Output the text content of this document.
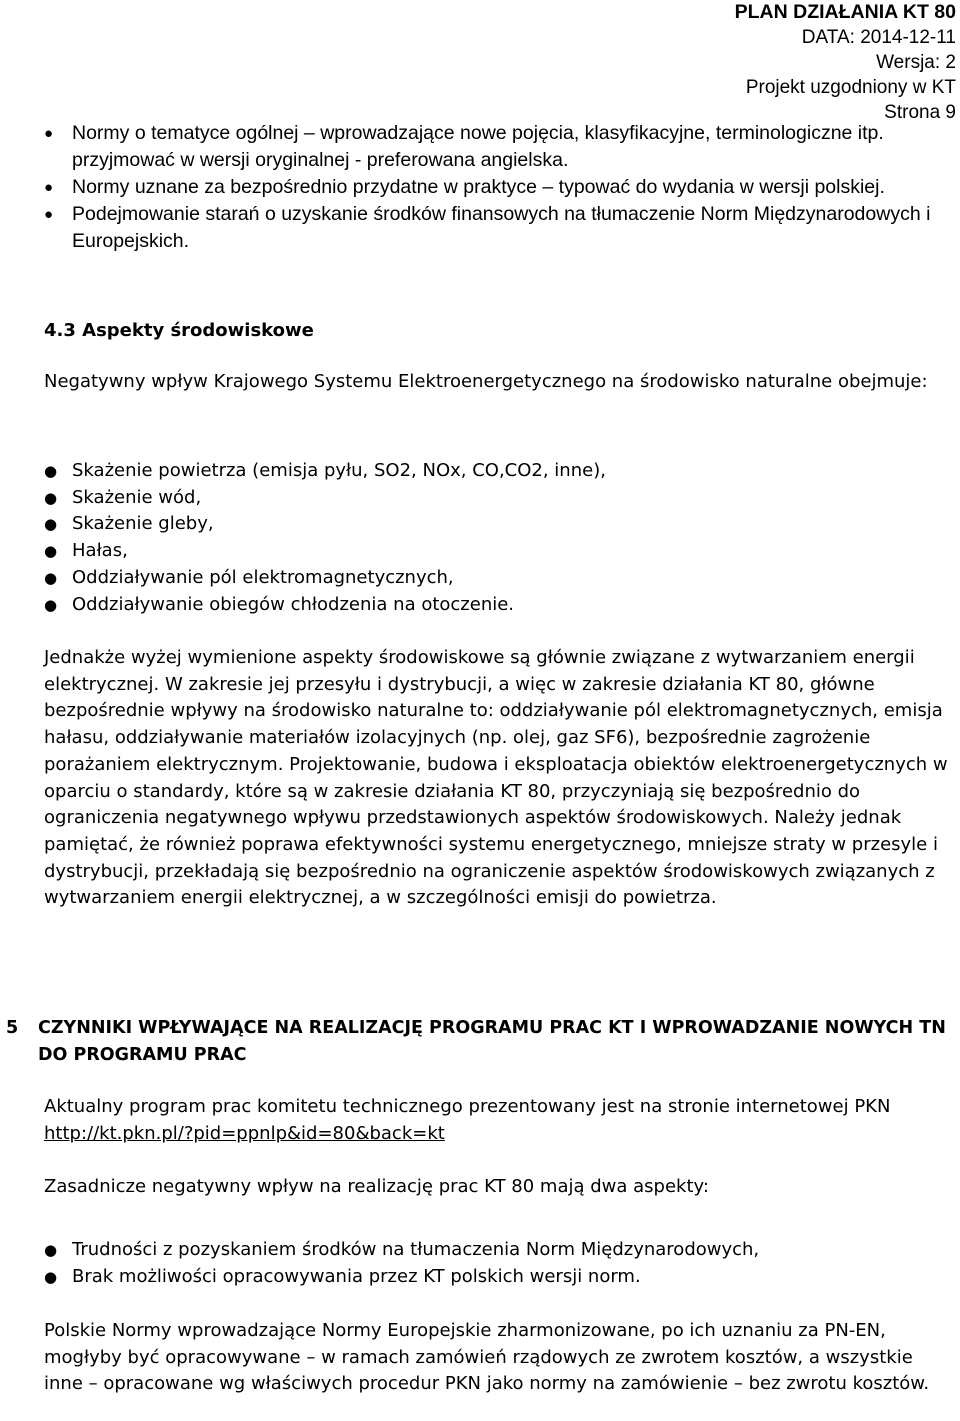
PLAN DZIAŁANIA KT 80
DATA: 2014-12-11
Wersja: 2
Projekt uzgodniony w KT
Strona 9
● Normy o tematyce ogólnej – wprowadzające nowe pojęcia, klasyfikacyjne, terminologiczne itp. przyjmować w wersji oryginalnej - preferowana angielska.
● Normy uznane za bezpośrednio przydatne w praktyce – typować do wydania w wersji polskiej.
● Podejmowanie starań o uzyskanie środków finansowych na tłumaczenie Norm Międzynarodowych i Europejskich.
4.3 Aspekty środowiskowe

Negatywny wpływ Krajowego Systemu Elektroenergetycznego na środowisko naturalne obejmuje:

● Skażenie powietrza (emisja pyłu, SO2, NOx, CO,CO2, inne),
● Skażenie wód,
● Skażenie gleby,
● Hałas,
● Oddziaływanie pól elektromagnetycznych,
● Oddziaływanie obiegów chłodzenia na otoczenie.

Jednakże wyżej wymienione aspekty środowiskowe są głównie związane z wytwarzaniem energii elektrycznej. W zakresie jej przesyłu i dystrybucji, a więc w zakresie działania KT 80, główne bezpośrednie wpływy na środowisko naturalne to: oddziaływanie pól elektromagnetycznych, emisja hałasu, oddziaływanie materiałów izolacyjnych (np. olej, gaz SF6), bezpośrednie zagrożenie porażaniem elektrycznym. Projektowanie, budowa i eksploatacja obiektów elektroenergetycznych w oparciu o standardy, które są w zakresie działania KT 80, przyczyniają się bezpośrednio do ograniczenia negatywnego wpływu przedstawionych aspektów środowiskowych. Należy jednak pamiętać, że również poprawa efektywności systemu energetycznego, mniejsze straty w przesyle i dystrybucji, przekładają się bezpośrednio na ograniczenie aspektów środowiskowych związanych z wytwarzaniem energii elektrycznej, a w szczególności emisji do powietrza.

5 CZYNNIKI WPŁYWAJĄCE NA REALIZACJĘ PROGRAMU PRAC KT I WPROWADZANIE NOWYCH TN DO PROGRAMU PRAC

Aktualny program prac komitetu technicznego prezentowany jest na stronie internetowej PKN http://kt.pkn.pl/?pid=ppnlp&id=80&back=kt

Zasadnicze negatywny wpływ na realizację prac KT 80 mają dwa aspekty:

● Trudności z pozyskaniem środków na tłumaczenia Norm Międzynarodowych,
● Brak możliwości opracowywania przez KT polskich wersji norm.

Polskie Normy wprowadzające Normy Europejskie zharmonizowane, po ich uznaniu za PN-EN, mogłyby być opracowywane – w ramach zamówień rządowych ze zwrotem kosztów, a wszystkie inne – opracowane wg właściwych procedur PKN jako normy na zamówienie – bez zwrotu kosztów.
